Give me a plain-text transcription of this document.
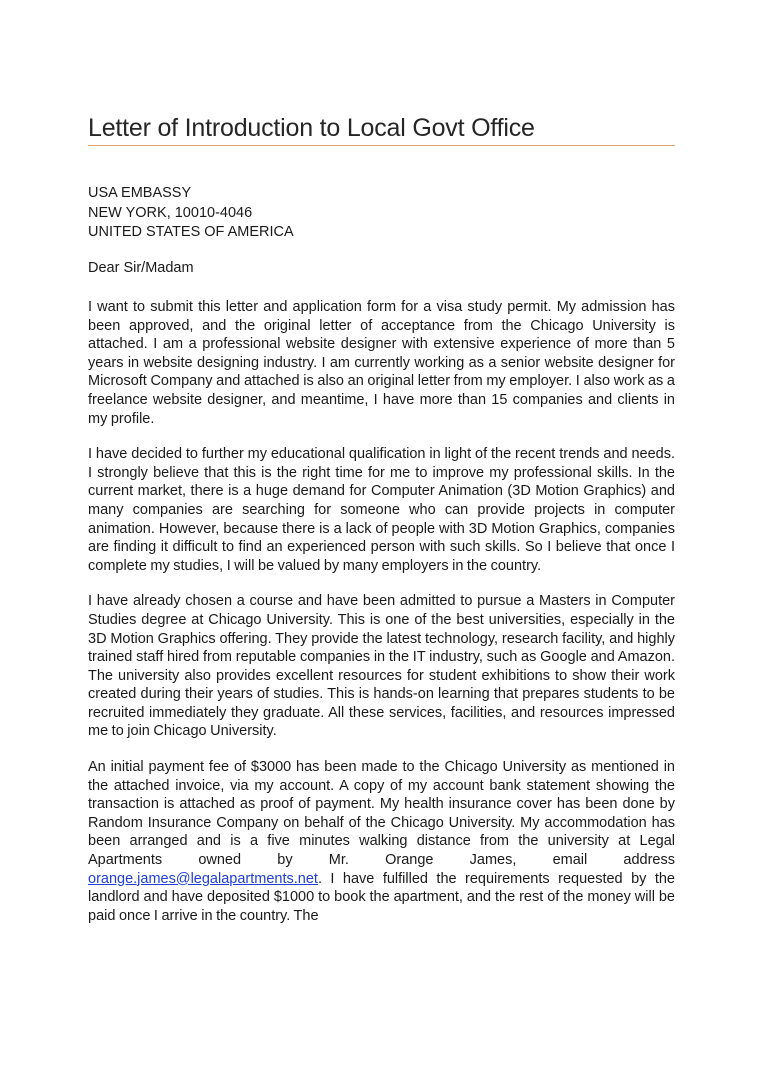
Letter of Introduction to Local Govt Office
USA EMBASSY
NEW YORK, 10010-4046
UNITED STATES OF AMERICA
Dear Sir/Madam

I want to submit this letter and application form for a visa study permit. My admission has been approved, and the original letter of acceptance from the Chicago University is attached. I am a professional website designer with extensive experience of more than 5 years in website designing industry. I am currently working as a senior website designer for Microsoft Company and attached is also an original letter from my employer. I also work as a freelance website designer, and meantime, I have more than 15 companies and clients in my profile.

I have decided to further my educational qualification in light of the recent trends and needs. I strongly believe that this is the right time for me to improve my professional skills. In the current market, there is a huge demand for Computer Animation (3D Motion Graphics) and many companies are searching for someone who can provide projects in computer animation. However, because there is a lack of people with 3D Motion Graphics, companies are finding it difficult to find an experienced person with such skills. So I believe that once I complete my studies, I will be valued by many employers in the country.

I have already chosen a course and have been admitted to pursue a Masters in Computer Studies degree at Chicago University. This is one of the best universities, especially in the 3D Motion Graphics offering. They provide the latest technology, research facility, and highly trained staff hired from reputable companies in the IT industry, such as Google and Amazon. The university also provides excellent resources for student exhibitions to show their work created during their years of studies. This is hands-on learning that prepares students to be recruited immediately they graduate. All these services, facilities, and resources impressed me to join Chicago University.

An initial payment fee of $3000 has been made to the Chicago University as mentioned in the attached invoice, via my account. A copy of my account bank statement showing the transaction is attached as proof of payment. My health insurance cover has been done by Random Insurance Company on behalf of the Chicago University. My accommodation has been arranged and is a five minutes walking distance from the university at Legal Apartments owned by Mr. Orange James, email address orange.james@legalapartments.net. I have fulfilled the requirements requested by the landlord and have deposited $1000 to book the apartment, and the rest of the money will be paid once I arrive in the country. The
